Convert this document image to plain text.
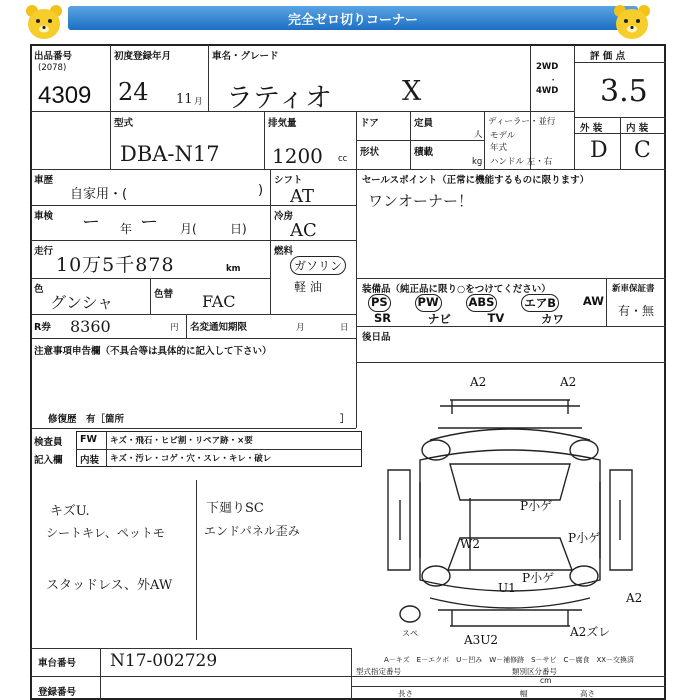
完全ゼロ切りコーナー
出品番号
(2078)
4309
初度登録年月
24 11 月
車名・グレード
ラティオ	X
2WD
･
4WD
評 価 点
3.5
外 装 内 装
D C
型式
DBA-N17
排気量
1200 cc
ドア	定員
人
形状	積載
kg
ディーラー・並行
モデル
年式
ハンドル 左・右
車歴
自家用・(	)
車検 ー 年 ー 月(	日)
走行
10万5千878	km
色
グンシャ	色替 FAC
シフト
AT
冷房
AC
燃料
ガソリン
軽 油
R券 8360	円 名変通知期限	月	日
注意事項申告欄（不具合等は具体的に記入して下さい）
修復歴　有［箇所	］
セールスポイント（正常に機能するものに限ります）
ワンオーナー！
装備品（純正品に限り○をつけてください）	新車保証書
有・無
PS	PW	ABS	エアB AW
SR	ナビ	TV	カワ
後日品
検査員
記入欄
FW キズ・飛石・ヒビ割・リペア跡・×要
内装 キズ・汚レ・コゲ・穴・スレ・キレ・破レ
キズU.
シートキレ、ペットモ
スタッドレス、外AW
下廻りSC
エンドパネル歪み
A2	A2
P小ゲ
W2	P小ゲ
U1
P小ゲ
A2
A3U2
A2ズレ
スペ
A－キズ　E－エクボ　U－凹み　W－補修跡　S－サビ　C－腐食　XX－交換済
車台番号 N17-002729
登録番号
型式指定番号	類別区分番号
長さ
cm
幅	高さ
